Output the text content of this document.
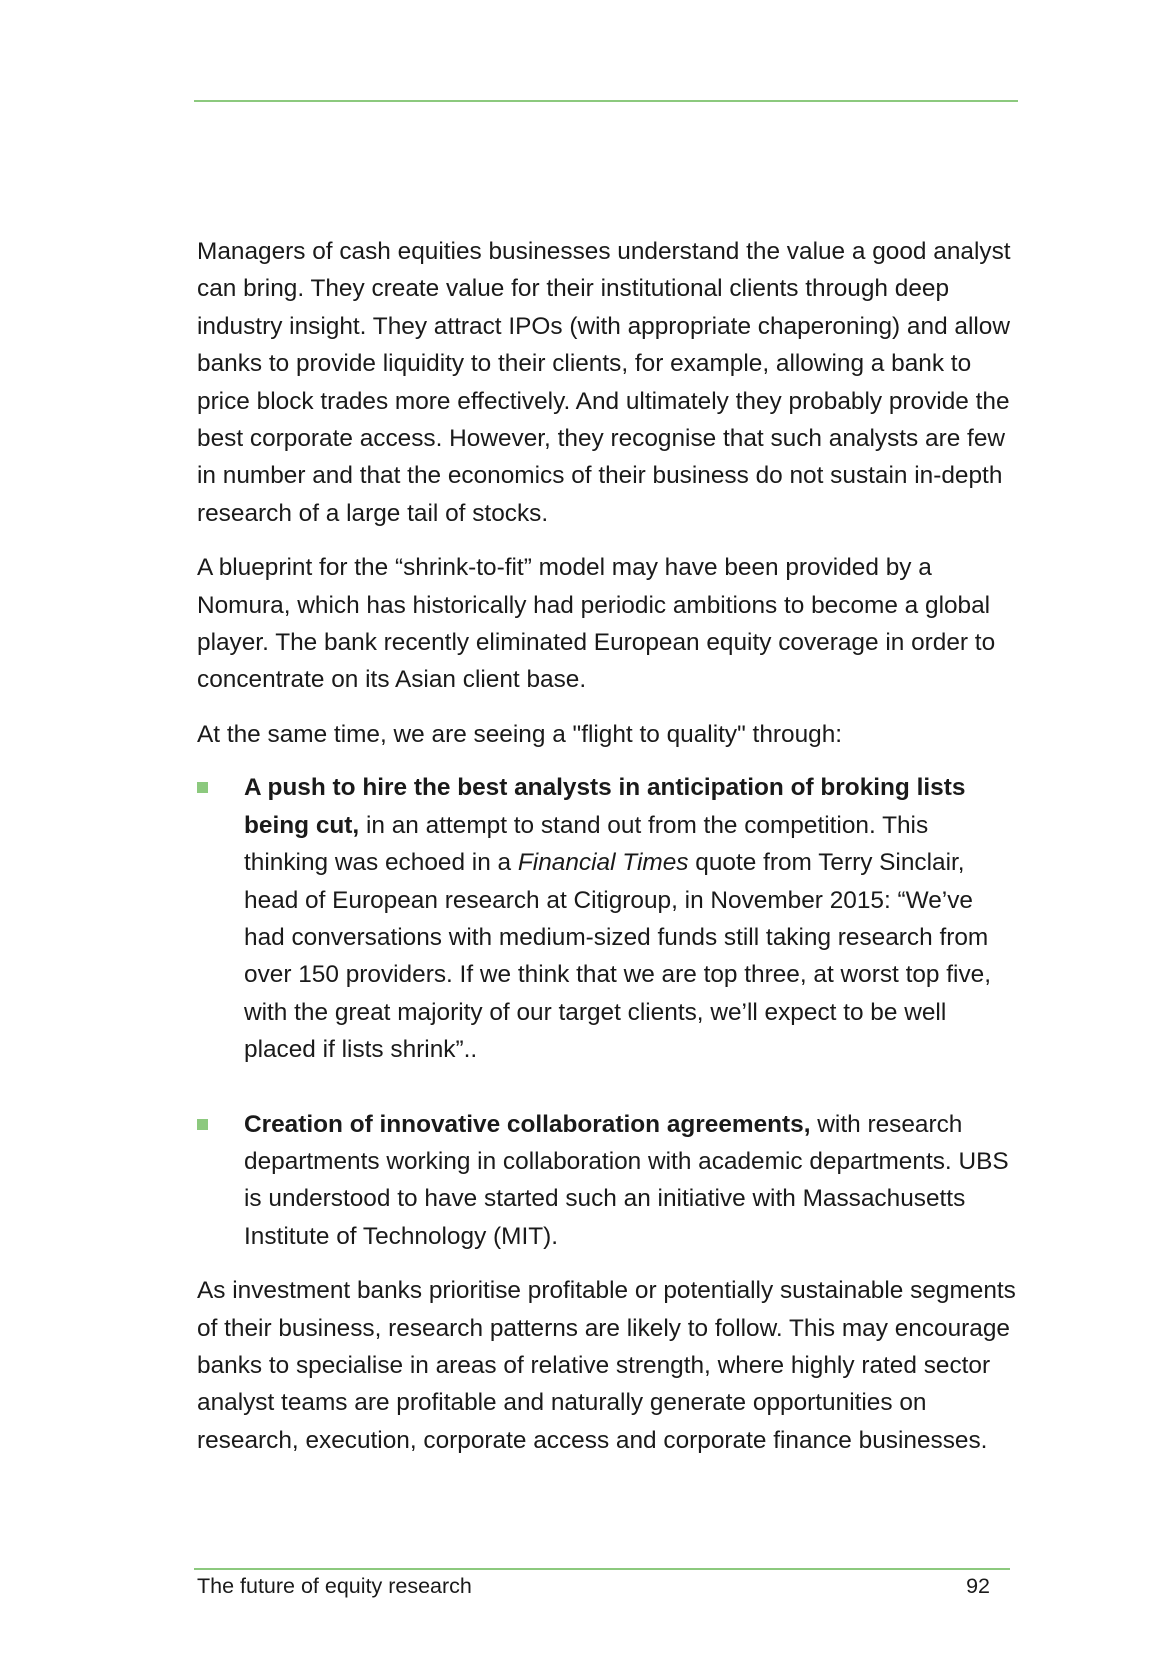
Managers of cash equities businesses understand the value a good analyst can bring. They create value for their institutional clients through deep industry insight. They attract IPOs (with appropriate chaperoning) and allow banks to provide liquidity to their clients, for example, allowing a bank to price block trades more effectively. And ultimately they probably provide the best corporate access. However, they recognise that such analysts are few in number and that the economics of their business do not sustain in-depth research of a large tail of stocks.

A blueprint for the “shrink-to-fit” model may have been provided by a Nomura, which has historically had periodic ambitions to become a global player. The bank recently eliminated European equity coverage in order to concentrate on its Asian client base.

At the same time, we are seeing a "flight to quality" through:

A push to hire the best analysts in anticipation of broking lists being cut, in an attempt to stand out from the competition. This thinking was echoed in a Financial Times quote from Terry Sinclair, head of European research at Citigroup, in November 2015: “We’ve had conversations with medium-sized funds still taking research from over 150 providers. If we think that we are top three, at worst top five, with the great majority of our target clients, we’ll expect to be well placed if lists shrink”..
Creation of innovative collaboration agreements, with research departments working in collaboration with academic departments. UBS is understood to have started such an initiative with Massachusetts Institute of Technology (MIT).

As investment banks prioritise profitable or potentially sustainable segments of their business, research patterns are likely to follow. This may encourage banks to specialise in areas of relative strength, where highly rated sector analyst teams are profitable and naturally generate opportunities on research, execution, corporate access and corporate finance businesses.

The future of equity research	92
